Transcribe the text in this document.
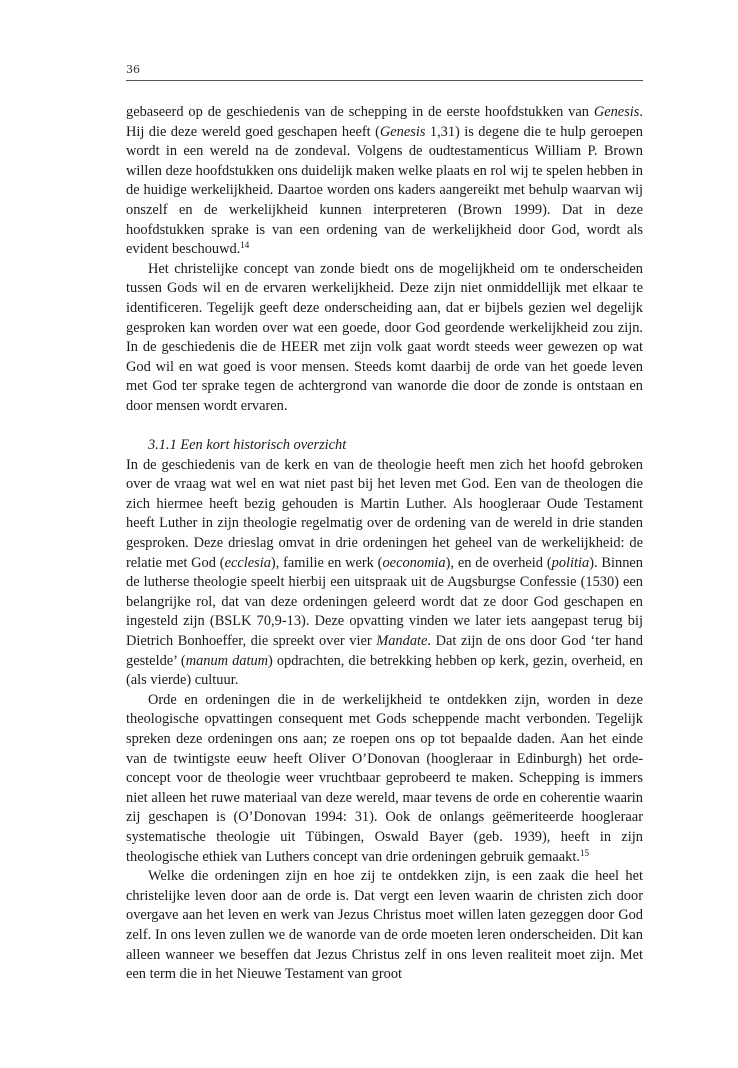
36

gebaseerd op de geschiedenis van de schepping in de eerste hoofdstukken van Genesis. Hij die deze wereld goed geschapen heeft (Genesis 1,31) is degene die te hulp geroepen wordt in een wereld na de zondeval. Volgens de oudtestamenticus William P. Brown willen deze hoofdstukken ons duidelijk maken welke plaats en rol wij te spelen hebben in de huidige werkelijkheid. Daartoe worden ons kaders aangereikt met behulp waarvan wij onszelf en de werkelijkheid kunnen interpreteren (Brown 1999). Dat in deze hoofdstukken sprake is van een ordening van de werkelijkheid door God, wordt als evident beschouwd.$^{14}$

Het christelijke concept van zonde biedt ons de mogelijkheid om te onderscheiden tussen Gods wil en de ervaren werkelijkheid. Deze zijn niet onmiddellijk met elkaar te identificeren. Tegelijk geeft deze onderscheiding aan, dat er bijbels gezien wel degelijk gesproken kan worden over wat een goede, door God geordende werkelijkheid zou zijn. In de geschiedenis die de HEER met zijn volk gaat wordt steeds weer gewezen op wat God wil en wat goed is voor mensen. Steeds komt daarbij de orde van het goede leven met God ter sprake tegen de achtergrond van wanorde die door de zonde is ontstaan en door mensen wordt ervaren.

3.1.1 Een kort historisch overzicht

In de geschiedenis van de kerk en van de theologie heeft men zich het hoofd gebroken over de vraag wat wel en wat niet past bij het leven met God. Een van de theologen die zich hiermee heeft bezig gehouden is Martin Luther. Als hoogleraar Oude Testament heeft Luther in zijn theologie regelmatig over de ordening van de wereld in drie standen gesproken. Deze drieslag omvat in drie ordeningen het geheel van de werkelijkheid: de relatie met God (ecclesia), familie en werk (oeconomia), en de overheid (politia). Binnen de lutherse theologie speelt hierbij een uitspraak uit de Augsburgse Confessie (1530) een belangrijke rol, dat van deze ordeningen geleerd wordt dat ze door God geschapen en ingesteld zijn (BSLK 70,9-13). Deze opvatting vinden we later iets aangepast terug bij Dietrich Bonhoeffer, die spreekt over vier Mandate. Dat zijn de ons door God ‘ter hand gestelde’ (manum datum) opdrachten, die betrekking hebben op kerk, gezin, overheid, en (als vierde) cultuur.

Orde en ordeningen die in de werkelijkheid te ontdekken zijn, worden in deze theologische opvattingen consequent met Gods scheppende macht verbonden. Tegelijk spreken deze ordeningen ons aan; ze roepen ons op tot bepaalde daden. Aan het einde van de twintigste eeuw heeft Oliver O’Donovan (hoogleraar in Edinburgh) het orde-concept voor de theologie weer vruchtbaar geprobeerd te maken. Schepping is immers niet alleen het ruwe materiaal van deze wereld, maar tevens de orde en coherentie waarin zij geschapen is (O’Donovan 1994: 31). Ook de onlangs geëmeriteerde hoogleraar systematische theologie uit Tübingen, Oswald Bayer (geb. 1939), heeft in zijn theologische ethiek van Luthers concept van drie ordeningen gebruik gemaakt.$^{15}$

Welke die ordeningen zijn en hoe zij te ontdekken zijn, is een zaak die heel het christelijke leven door aan de orde is. Dat vergt een leven waarin de christen zich door overgave aan het leven en werk van Jezus Christus moet willen laten gezeggen door God zelf. In ons leven zullen we de wanorde van de orde moeten leren onderscheiden. Dit kan alleen wanneer we beseffen dat Jezus Christus zelf in ons leven realiteit moet zijn. Met een term die in het Nieuwe Testament van groot
